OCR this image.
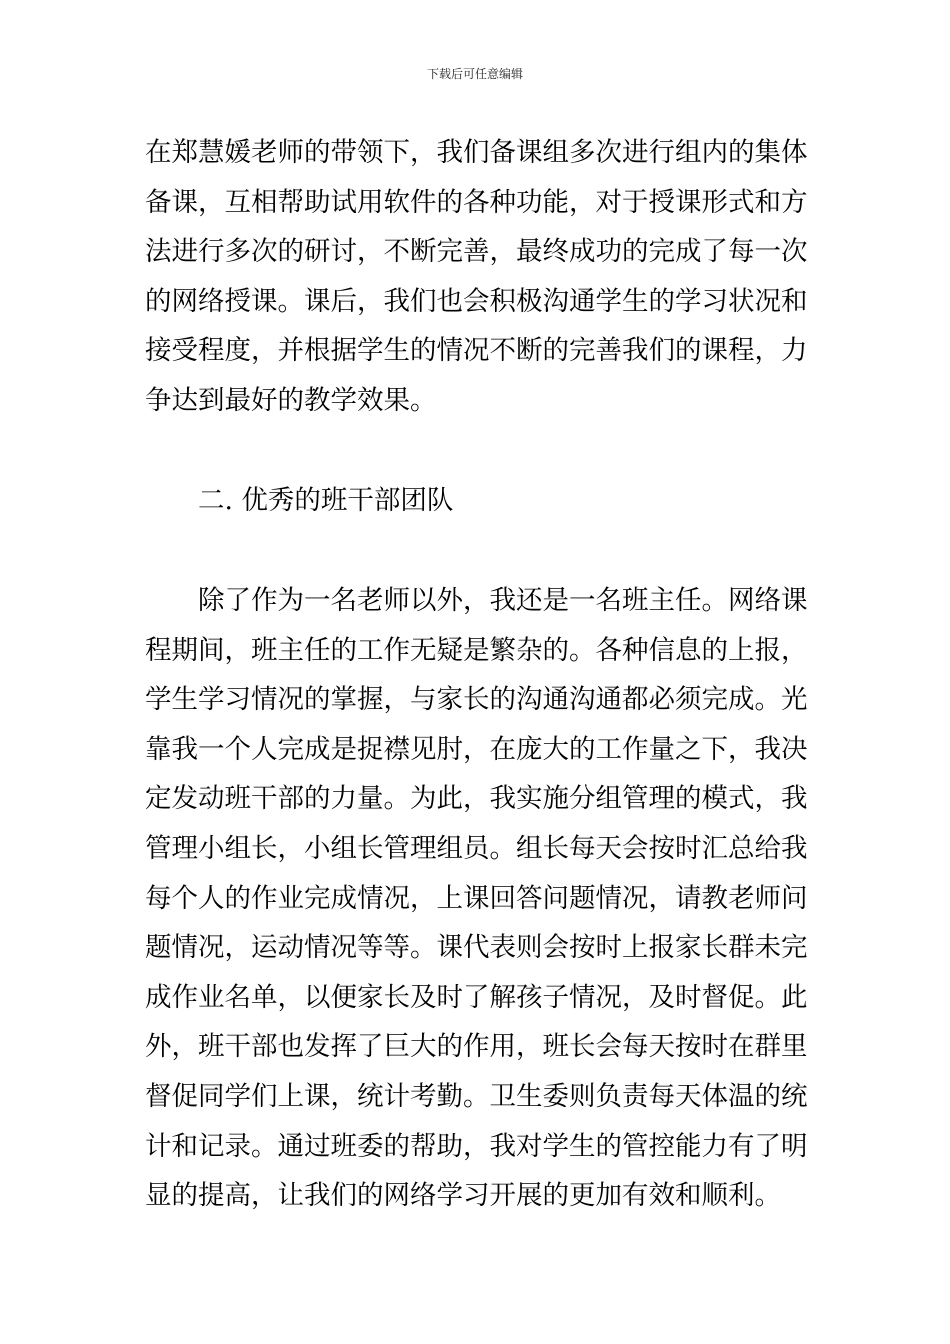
下载后可任意编辑
在郑慧媛老师的带领下，我们备课组多次进行组内的集体
备课，互相帮助试用软件的各种功能，对于授课形式和方
法进行多次的研讨，不断完善，最终成功的完成了每一次
的网络授课。课后，我们也会积极沟通学生的学习状况和
接受程度，并根据学生的情况不断的完善我们的课程，力
争达到最好的教学效果。
二. 优秀的班干部团队
除了作为一名老师以外，我还是一名班主任。网络课
程期间，班主任的工作无疑是繁杂的。各种信息的上报，
学生学习情况的掌握，与家长的沟通沟通都必须完成。光
靠我一个人完成是捉襟见肘，在庞大的工作量之下，我决
定发动班干部的力量。为此，我实施分组管理的模式，我
管理小组长，小组长管理组员。组长每天会按时汇总给我
每个人的作业完成情况，上课回答问题情况，请教老师问
题情况，运动情况等等。课代表则会按时上报家长群未完
成作业名单，以便家长及时了解孩子情况，及时督促。此
外，班干部也发挥了巨大的作用，班长会每天按时在群里
督促同学们上课，统计考勤。卫生委则负责每天体温的统
计和记录。通过班委的帮助，我对学生的管控能力有了明
显的提高，让我们的网络学习开展的更加有效和顺利。
